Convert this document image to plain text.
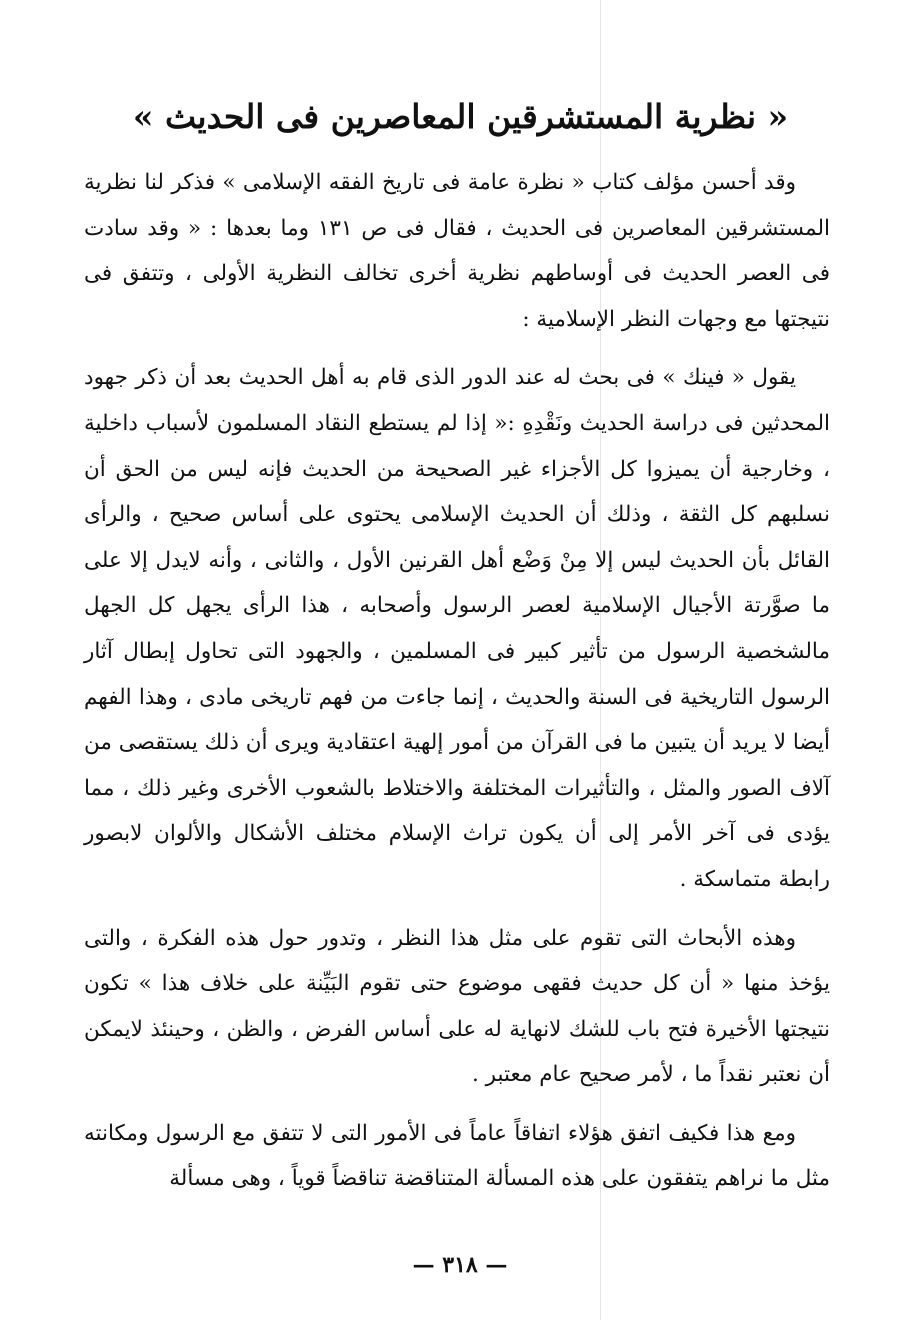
« نظرية المستشرقين المعاصرين فى الحديث »

وقد أحسن مؤلف كتاب « نظرة عامة فى تاريخ الفقه الإسلامى » فذكر لنا نظرية المستشرقين المعاصرين فى الحديث ، فقال فى ص ١٣١ وما بعدها : « وقد سادت فى العصر الحديث فى أوساطهم نظرية أخرى تخالف النظرية الأولى ، وتتفق فى نتيجتها مع وجهات النظر الإسلامية :

يقول « فينك » فى بحث له عند الدور الذى قام به أهل الحديث بعد أن ذكر جهود المحدثين فى دراسة الحديث ونَقْدِهِ :« إذا لم يستطع النقاد المسلمون لأسباب داخلية ، وخارجية أن يميزوا كل الأجزاء غير الصحيحة من الحديث فإنه ليس من الحق أن نسلبهم كل الثقة ، وذلك أن الحديث الإسلامى يحتوى على أساس صحيح ، والرأى القائل بأن الحديث ليس إلا مِنْ وَضْع أهل القرنين الأول ، والثانى ، وأنه لايدل إلا على ما صوَّرتة الأجيال الإسلامية لعصر الرسول وأصحابه ، هذا الرأى يجهل كل الجهل مالشخصية الرسول من تأثير كبير فى المسلمين ، والجهود التى تحاول إبطال آثار الرسول التاريخية فى السنة والحديث ، إنما جاءت من فهم تاريخى مادى ، وهذا الفهم أيضا لا يريد أن يتبين ما فى القرآن من أمور إلهية اعتقادية ويرى أن ذلك يستقصى من آلاف الصور والمثل ، والتأثيرات المختلفة والاختلاط بالشعوب الأخرى وغير ذلك ، مما يؤدى فى آخر الأمر إلى أن يكون تراث الإسلام مختلف الأشكال والألوان لابصور رابطة متماسكة .

وهذه الأبحاث التى تقوم على مثل هذا النظر ، وتدور حول هذه الفكرة ، والتى يؤخذ منها « أن كل حديث فقهى موضوع حتى تقوم البَيِّنة على خلاف هذا » تكون نتيجتها الأخيرة فتح باب للشك لانهاية له على أساس الفرض ، والظن ، وحينئذ لايمكن أن نعتبر نقداً ما ، لأمر صحيح عام معتبر .

ومع هذا فكيف اتفق هؤلاء اتفاقاً عاماً فى الأمور التى لا تتفق مع الرسول ومكانته مثل ما نراهم يتفقون على هذه المسألة المتناقضة تناقضاً قوياً ، وهى مسألة

— ٣١٨ —
